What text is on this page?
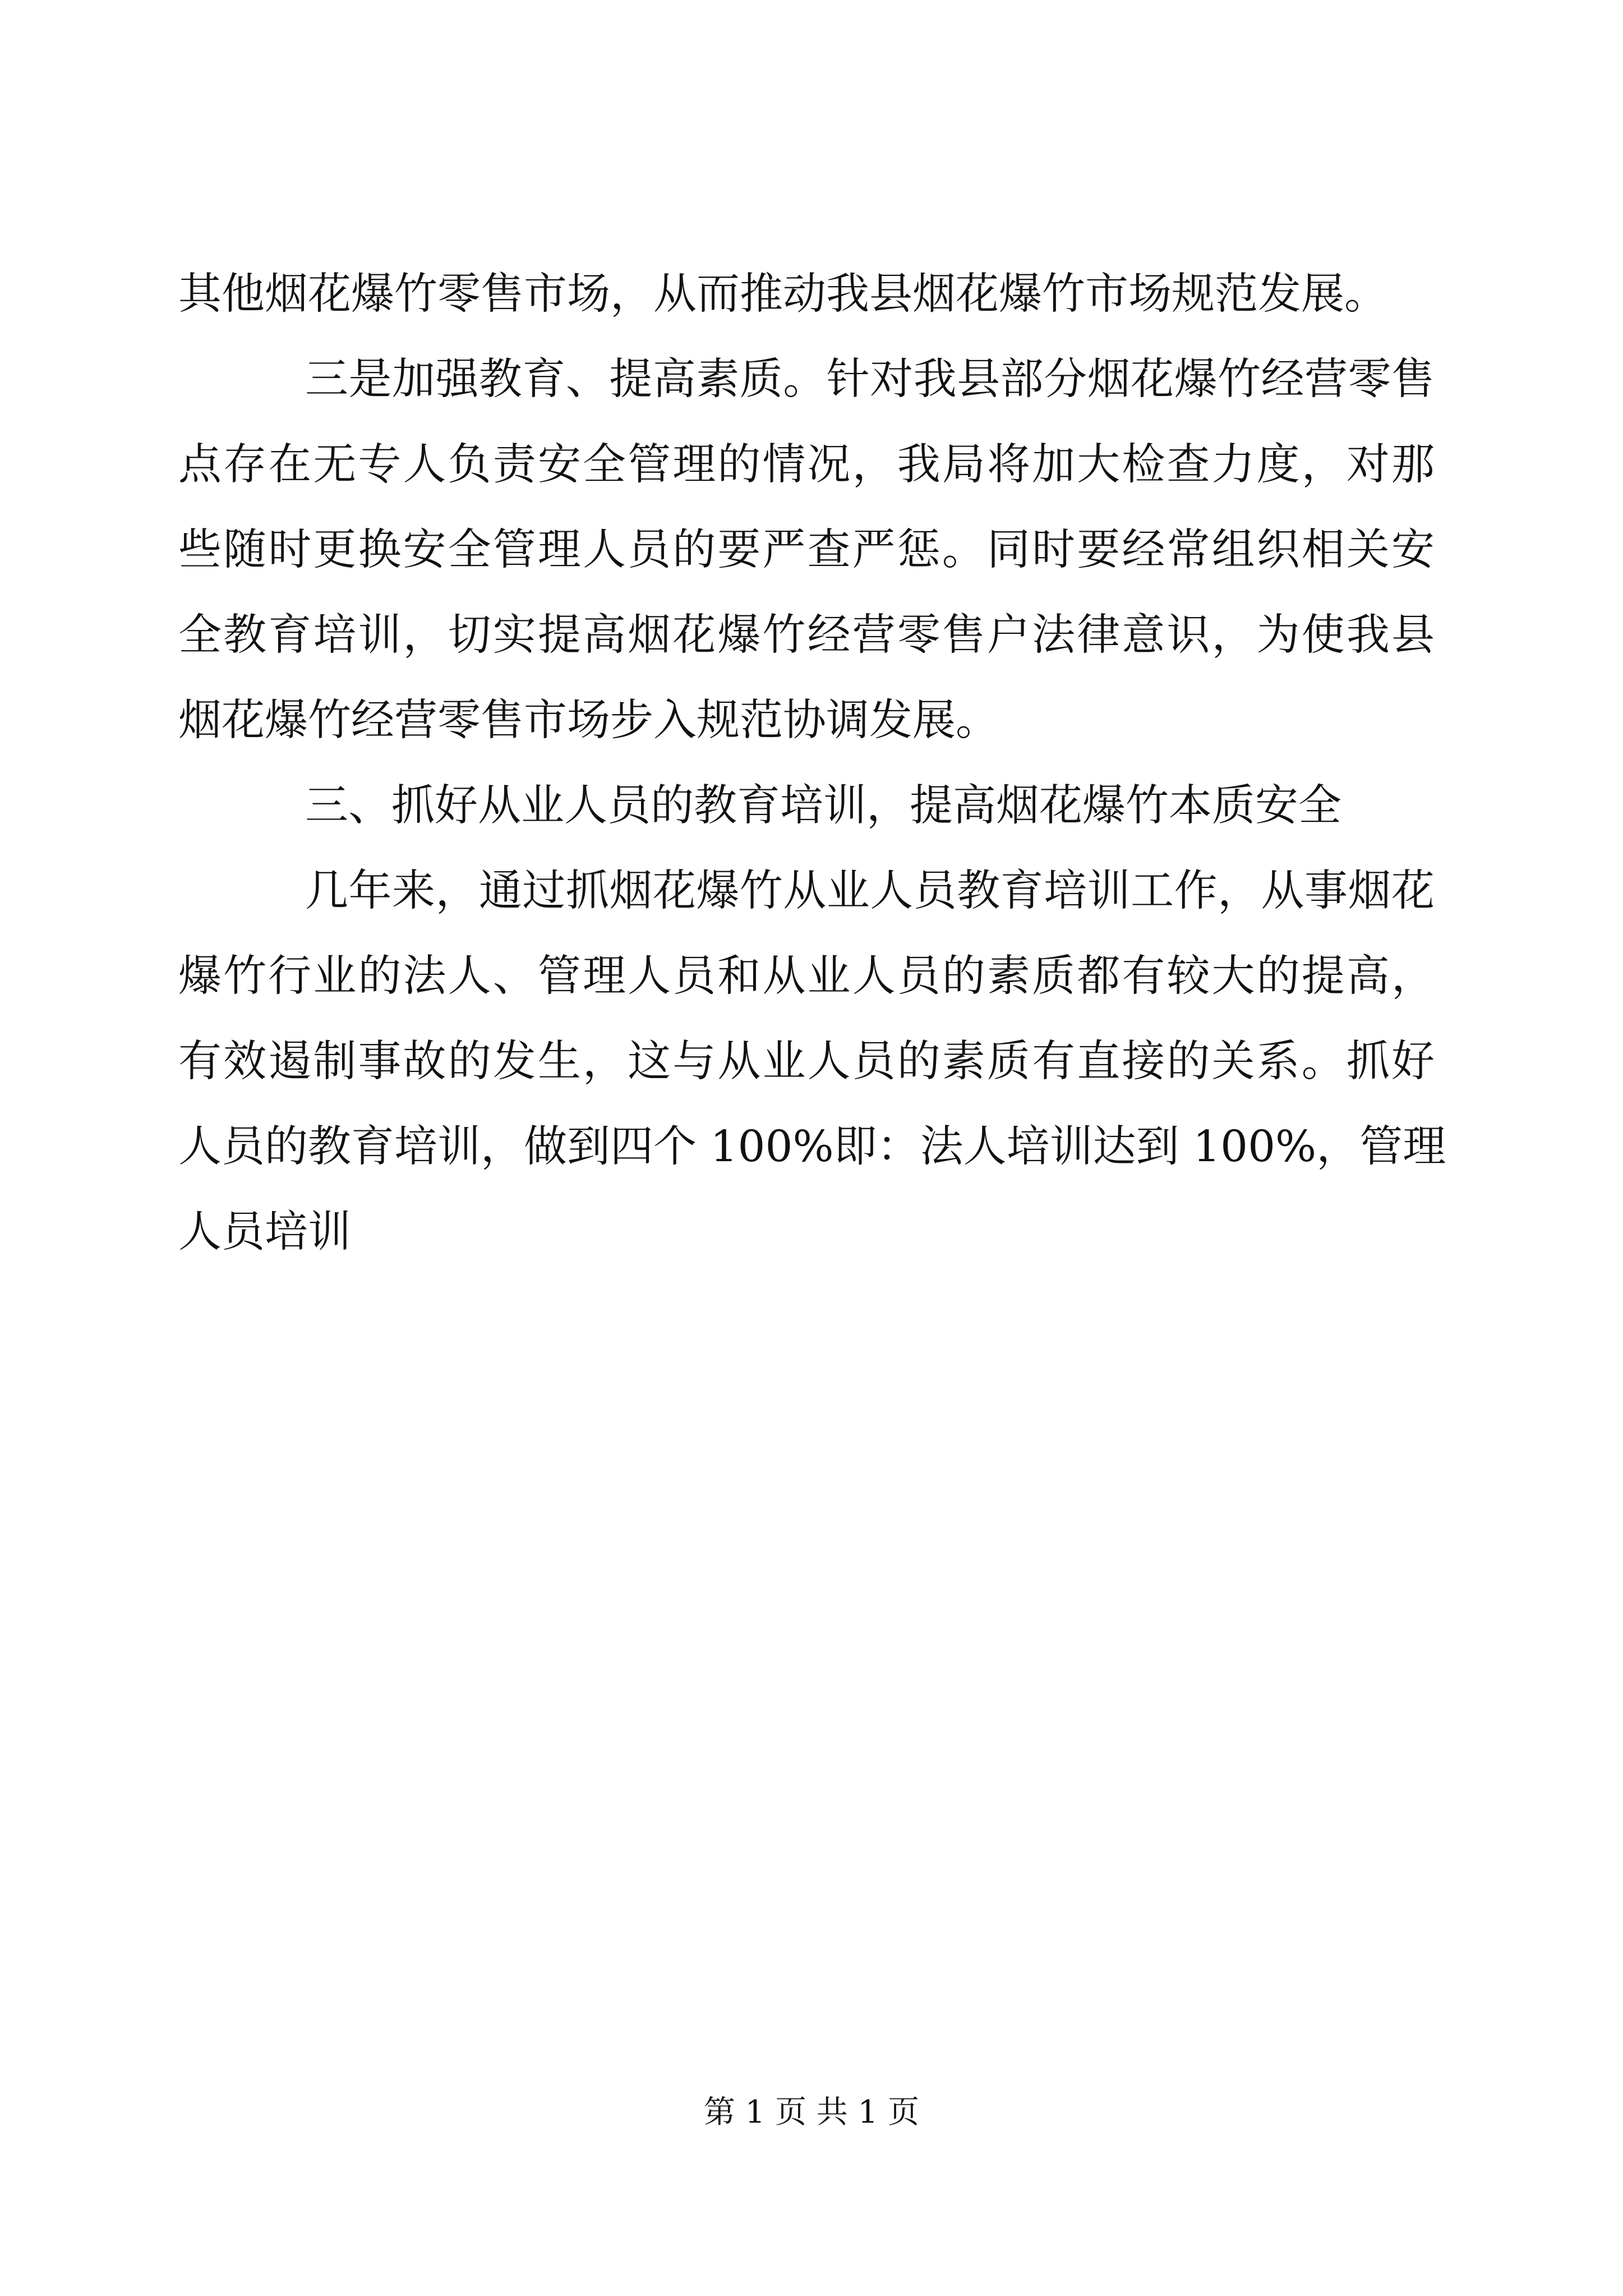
其他烟花爆竹零售市场，从而推动我县烟花爆竹市场规范发展。
三是加强教育、提高素质。针对我县部分烟花爆竹经营零售
点存在无专人负责安全管理的情况，我局将加大检查力度，对那
些随时更换安全管理人员的要严查严惩。同时要经常组织相关安
全教育培训，切实提高烟花爆竹经营零售户法律意识，为使我县
烟花爆竹经营零售市场步入规范协调发展。
三、抓好从业人员的教育培训，提高烟花爆竹本质安全
几年来，通过抓烟花爆竹从业人员教育培训工作，从事烟花
爆竹行业的法人、管理人员和从业人员的素质都有较大的提高，
有效遏制事故的发生，这与从业人员的素质有直接的关系。抓好
人员的教育培训，做到四个 100%即：法人培训达到 100%，管理
人员培训
第 1 页 共 1 页
